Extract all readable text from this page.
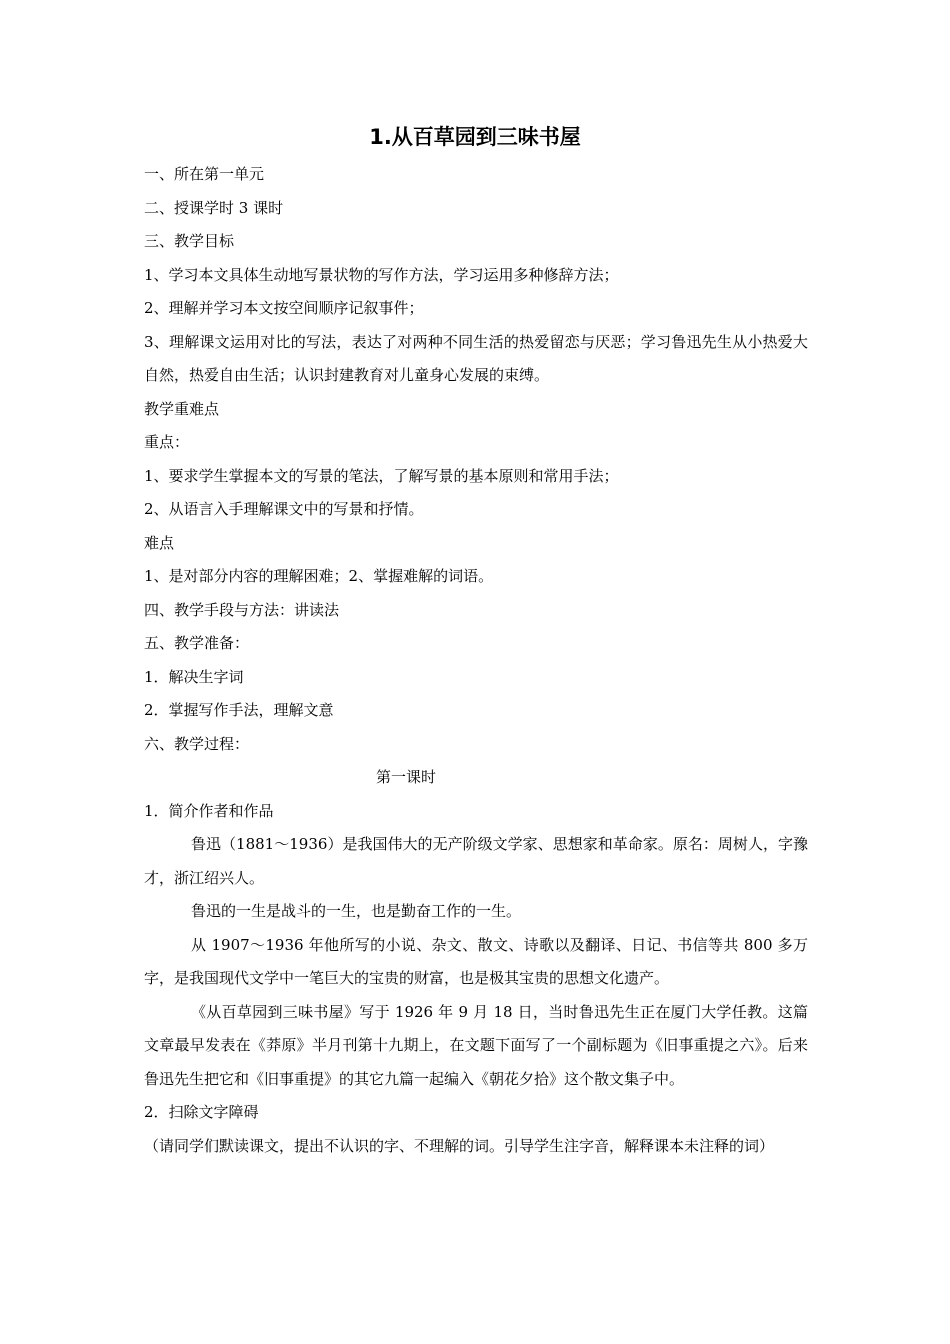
1.从百草园到三味书屋
一、所在第一单元
二、授课学时 3 课时
三、教学目标
1、学习本文具体生动地写景状物的写作方法，学习运用多种修辞方法；
2、理解并学习本文按空间顺序记叙事件；
3、理解课文运用对比的写法，表达了对两种不同生活的热爱留恋与厌恶；学习鲁迅先生从小热爱大自然，热爱自由生活；认识封建教育对儿童身心发展的束缚。
教学重难点
重点：
1、要求学生掌握本文的写景的笔法，了解写景的基本原则和常用手法；
2、从语言入手理解课文中的写景和抒情。
难点
1、是对部分内容的理解困难；2、掌握难解的词语。
四、教学手段与方法：讲读法
五、教学准备：
1．解决生字词
2．掌握写作手法，理解文意
六、教学过程：
第一课时
1．简介作者和作品
鲁迅（1881～1936）是我国伟大的无产阶级文学家、思想家和革命家。原名：周树人，字豫才，浙江绍兴人。
鲁迅的一生是战斗的一生，也是勤奋工作的一生。
从 1907～1936 年他所写的小说、杂文、散文、诗歌以及翻译、日记、书信等共 800 多万字，是我国现代文学中一笔巨大的宝贵的财富，也是极其宝贵的思想文化遗产。
《从百草园到三味书屋》写于 1926 年 9 月 18 日，当时鲁迅先生正在厦门大学任教。这篇文章最早发表在《莽原》半月刊第十九期上，在文题下面写了一个副标题为《旧事重提之六》。后来鲁迅先生把它和《旧事重提》的其它九篇一起编入《朝花夕拾》这个散文集子中。
2．扫除文字障碍
（请同学们默读课文，提出不认识的字、不理解的词。引导学生注字音，解释课本未注释的词）
